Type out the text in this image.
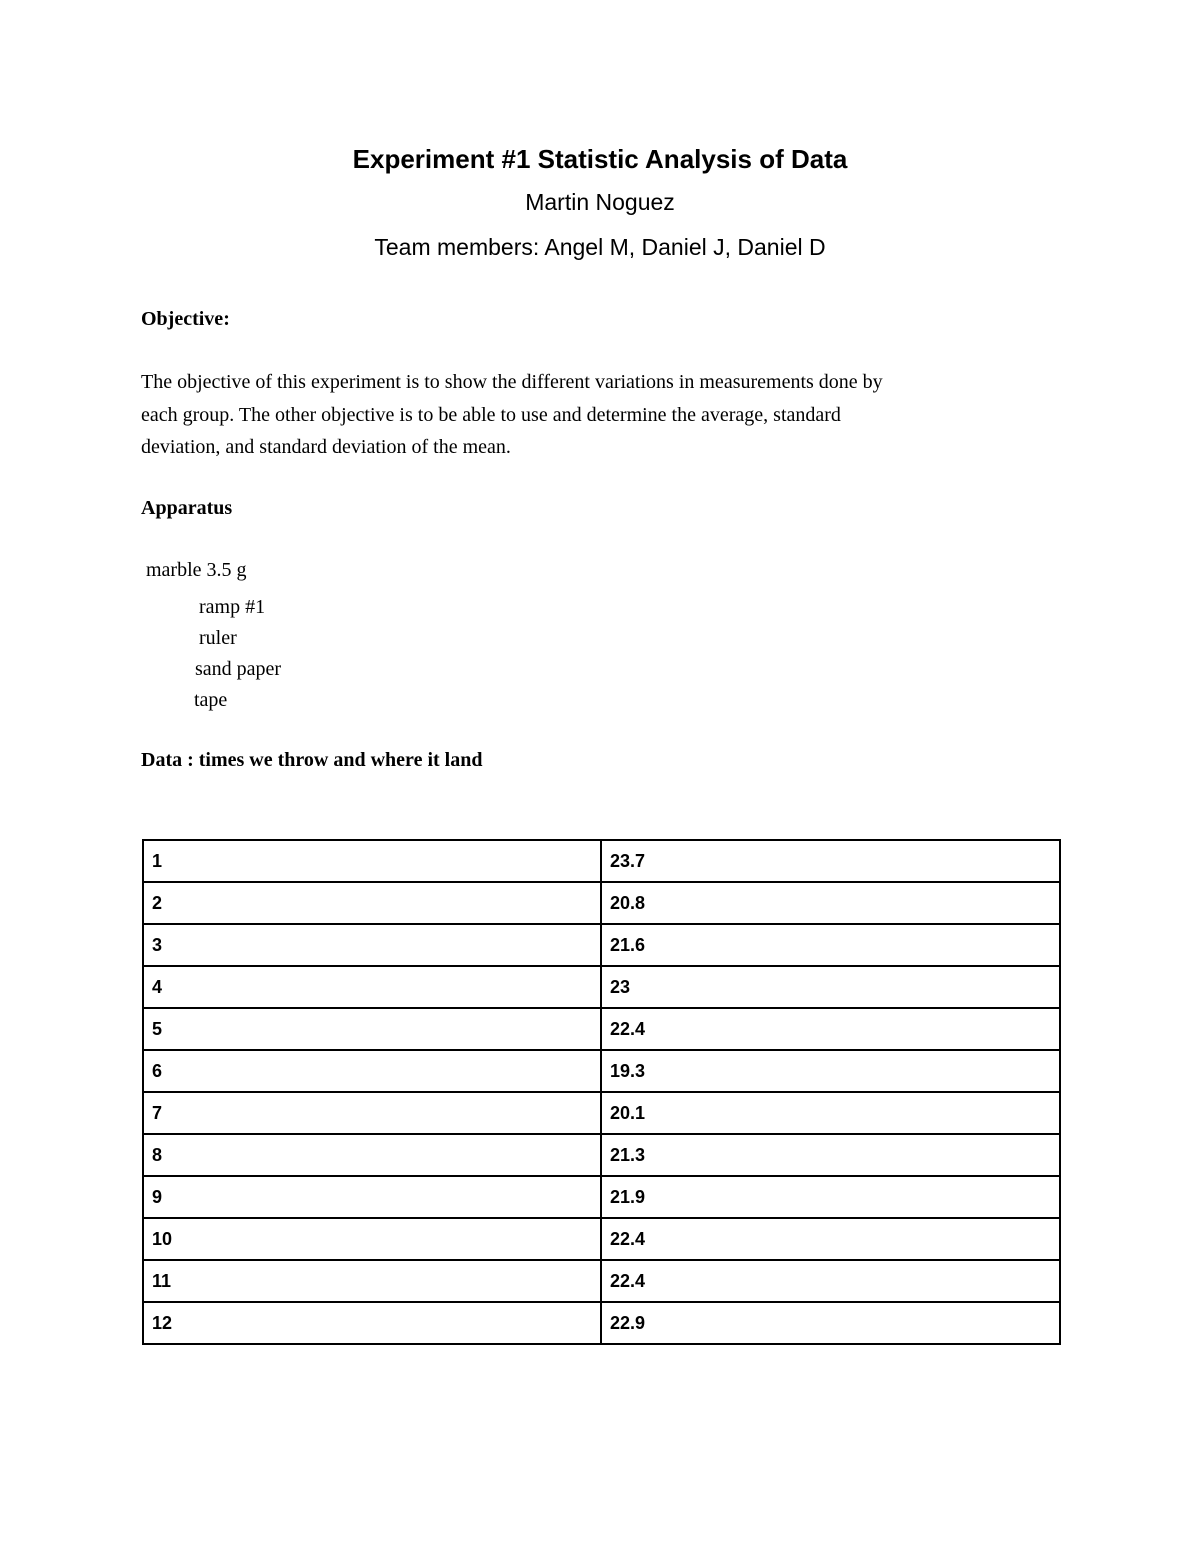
Experiment #1 Statistic Analysis of Data
Martin Noguez
Team members: Angel M, Daniel J, Daniel D
Objective:
The objective of this experiment is to show the different variations in measurements done by
each group. The other objective is to be able to use and determine the average, standard
deviation, and standard deviation of the mean.
Apparatus
marble 3.5 g
ramp #1
ruler
sand paper
tape
Data : times we throw and where it land
1	23.7
2	20.8
3	21.6
4	23
5	22.4
6	19.3
7	20.1
8	21.3
9	21.9
10	22.4
11	22.4
12	22.9
